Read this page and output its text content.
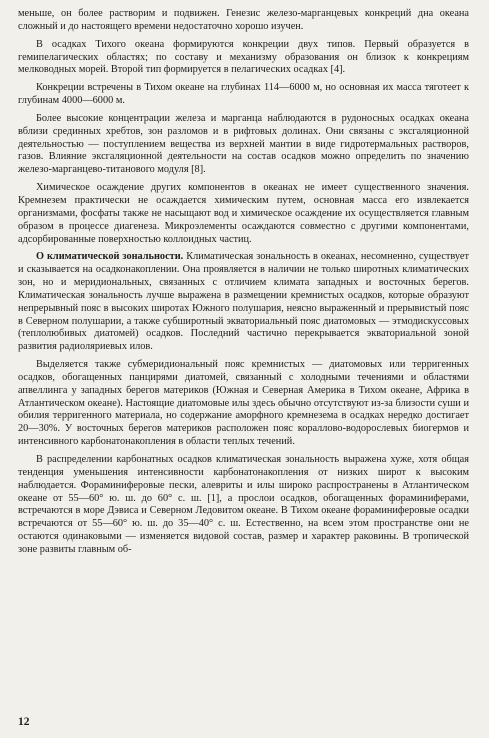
меньше, он более растворим и подвижен. Генезис железо-марганцевых конкреций дна океана сложный и до настоящего времени недостаточно хорошо изучен.

В осадках Тихого океана формируются конкреции двух типов. Первый образуется в гемипелагических областях; по составу и механизму образования он близок к конкрециям мелководных морей. Второй тип формируется в пелагических осадках [4].

Конкреции встречены в Тихом океане на глубинах 114—6000 м, но основная их масса тяготеет к глубинам 4000—6000 м.

Более высокие концентрации железа и марганца наблюдаются в рудоносных осадках океана вблизи срединных хребтов, зон разломов и в рифтовых долинах. Они связаны с эксгаляционной деятельностью — поступлением вещества из верхней мантии в виде гидротермальных растворов, газов. Влияние эксгаляционной деятельности на состав осадков можно определить по значению железо-марганцево-титанового модуля [8].

Химическое осаждение других компонентов в океанах не имеет существенного значения. Кремнезем практически не осаждается химическим путем, основная масса его извлекается организмами, фосфаты также не насыщают вод и химическое осаждение их осуществляется главным образом в процессе диагенеза. Микроэлементы осаждаются совместно с другими компонентами, адсорбированные поверхностью коллоидных частиц.

О климатической зональности. Климатическая зональность в океанах, несомненно, существует и сказывается на осадконакоплении. Она проявляется в наличии не только широтных климатических зон, но и меридиональных, связанных с отличием климата западных и восточных берегов. Климатическая зональность лучше выражена в размещении кремнистых осадков, которые образуют непрерывный пояс в высоких широтах Южного полушария, неясно выраженный и прерывистый пояс в Северном полушарии, а также субширотный экваториальный пояс диатомовых — этмодискуссовых (теплолюбивых диатомей) осадков. Последний частично перекрывается экваториальной зоной развития радиоляриевых илов.

Выделяется также субмеридиональный пояс кремнистых — диатомовых или терригенных осадков, обогащенных панцирями диатомей, связанный с холодными течениями и областями апвеллинга у западных берегов материков (Южная и Северная Америка в Тихом океане, Африка в Атлантическом океане). Настоящие диатомовые илы здесь обычно отсутствуют из-за близости суши и обилия терригенного материала, но содержание аморфного кремнезема в осадках нередко достигает 20—30%. У восточных берегов материков расположен пояс коралловo-водорослевых биогермов и интенсивного карбонатонакопления в области теплых течений.

В распределении карбонатных осадков климатическая зональность выражена хуже, хотя общая тенденция уменьшения интенсивности карбонатонакопления от низких широт к высоким наблюдается. Фораминиферовые пески, алевриты и илы широко распространены в Атлантическом океане от 55—60° ю. ш. до 60° с. ш. [1], а прослои осадков, обогащенных фораминиферами, встречаются в море Дэвиса и Северном Ледовитом океане. В Тихом океане фораминиферовые осадки встречаются от 55—60° ю. ш. до 35—40° с. ш. Естественно, на всем этом пространстве они не остаются одинаковыми — изменяется видовой состав, размер и характер раковины. В тропической зоне развиты главным об-

12
